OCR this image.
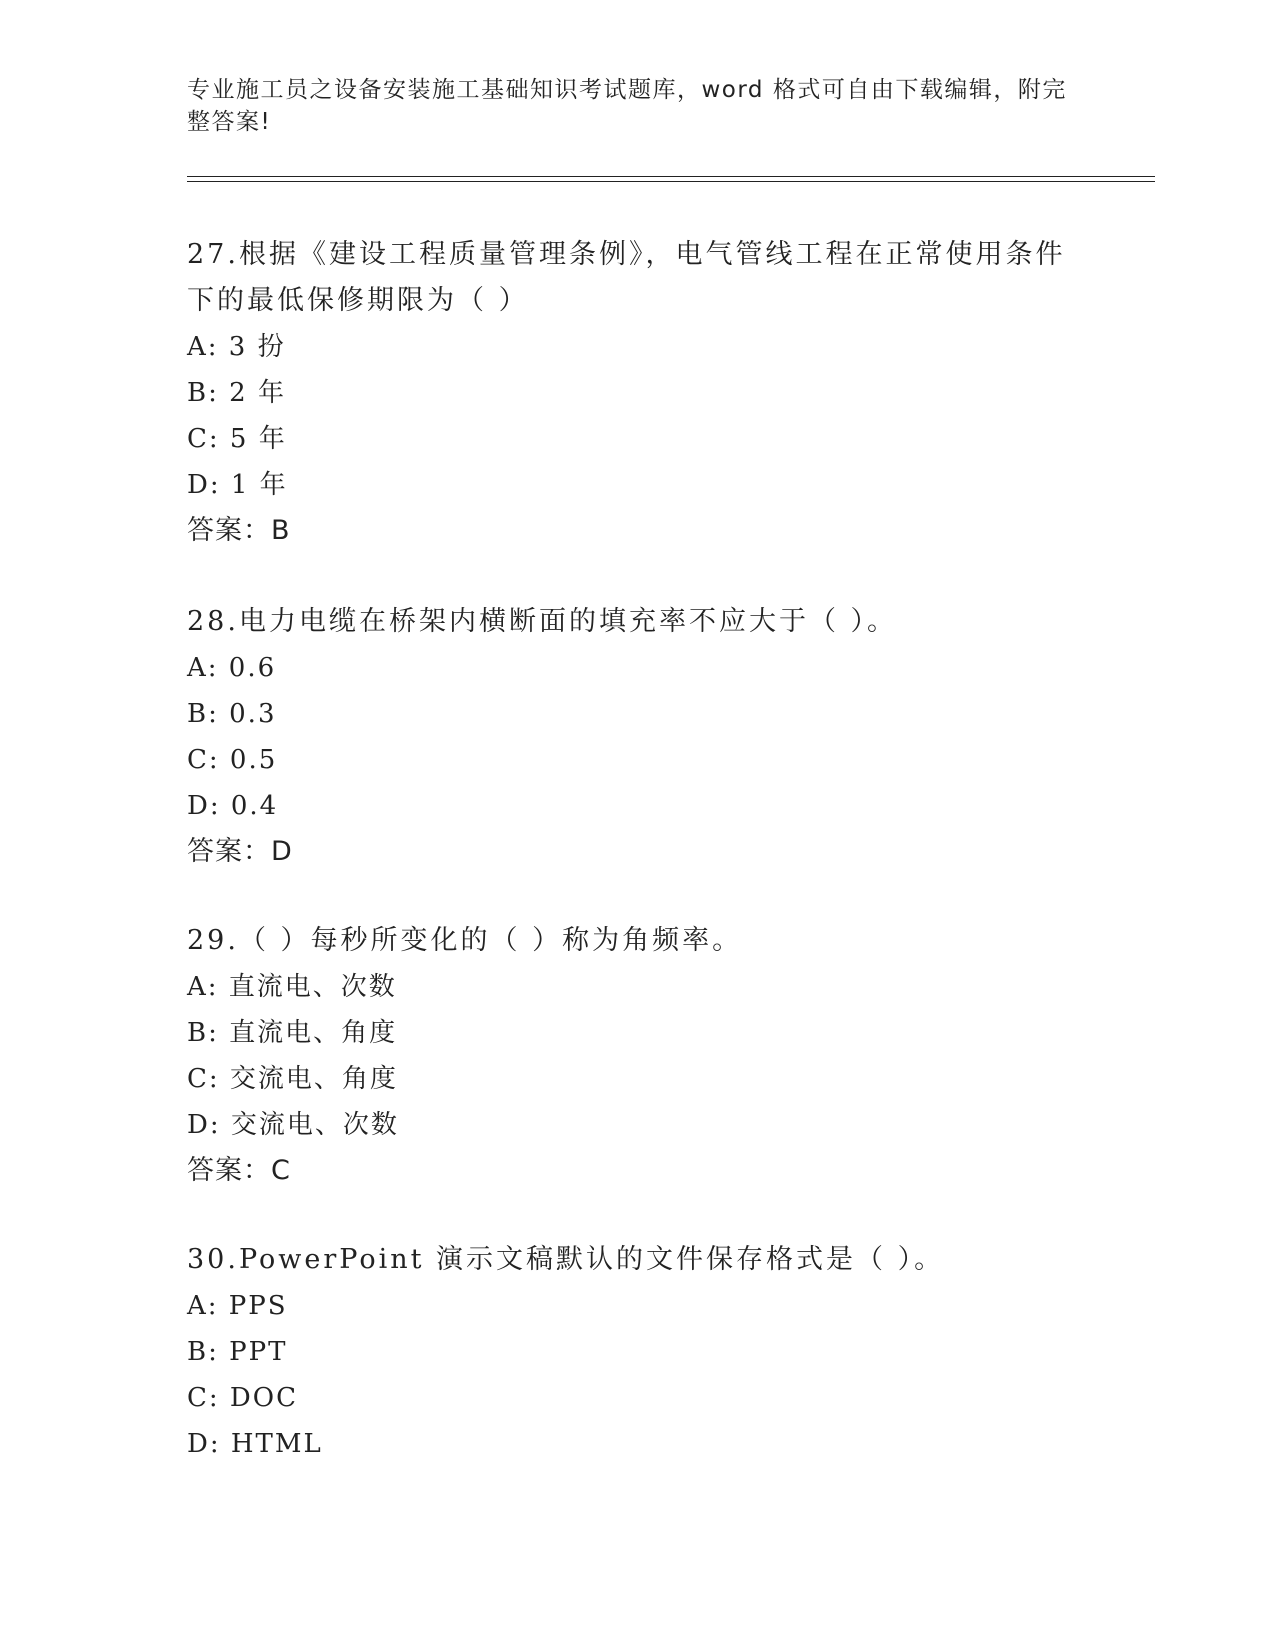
专业施工员之设备安装施工基础知识考试题库，word 格式可自由下载编辑，附完整答案!

27.根据《建设工程质量管理条例》，电气管线工程在正常使用条件下的最低保修期限为（ ）

A: 3 扮

B: 2 年

C: 5 年

D: 1 年

答案：B

28.电力电缆在桥架内横断面的填充率不应大于（ ）。

A: 0.6

B: 0.3

C: 0.5

D: 0.4

答案：D

29.（ ）每秒所变化的（ ）称为角频率。

A: 直流电、次数

B: 直流电、角度

C: 交流电、角度

D: 交流电、次数

答案：C

30.PowerPoint 演示文稿默认的文件保存格式是（ ）。

A: PPS

B: PPT

C: DOC

D: HTML
